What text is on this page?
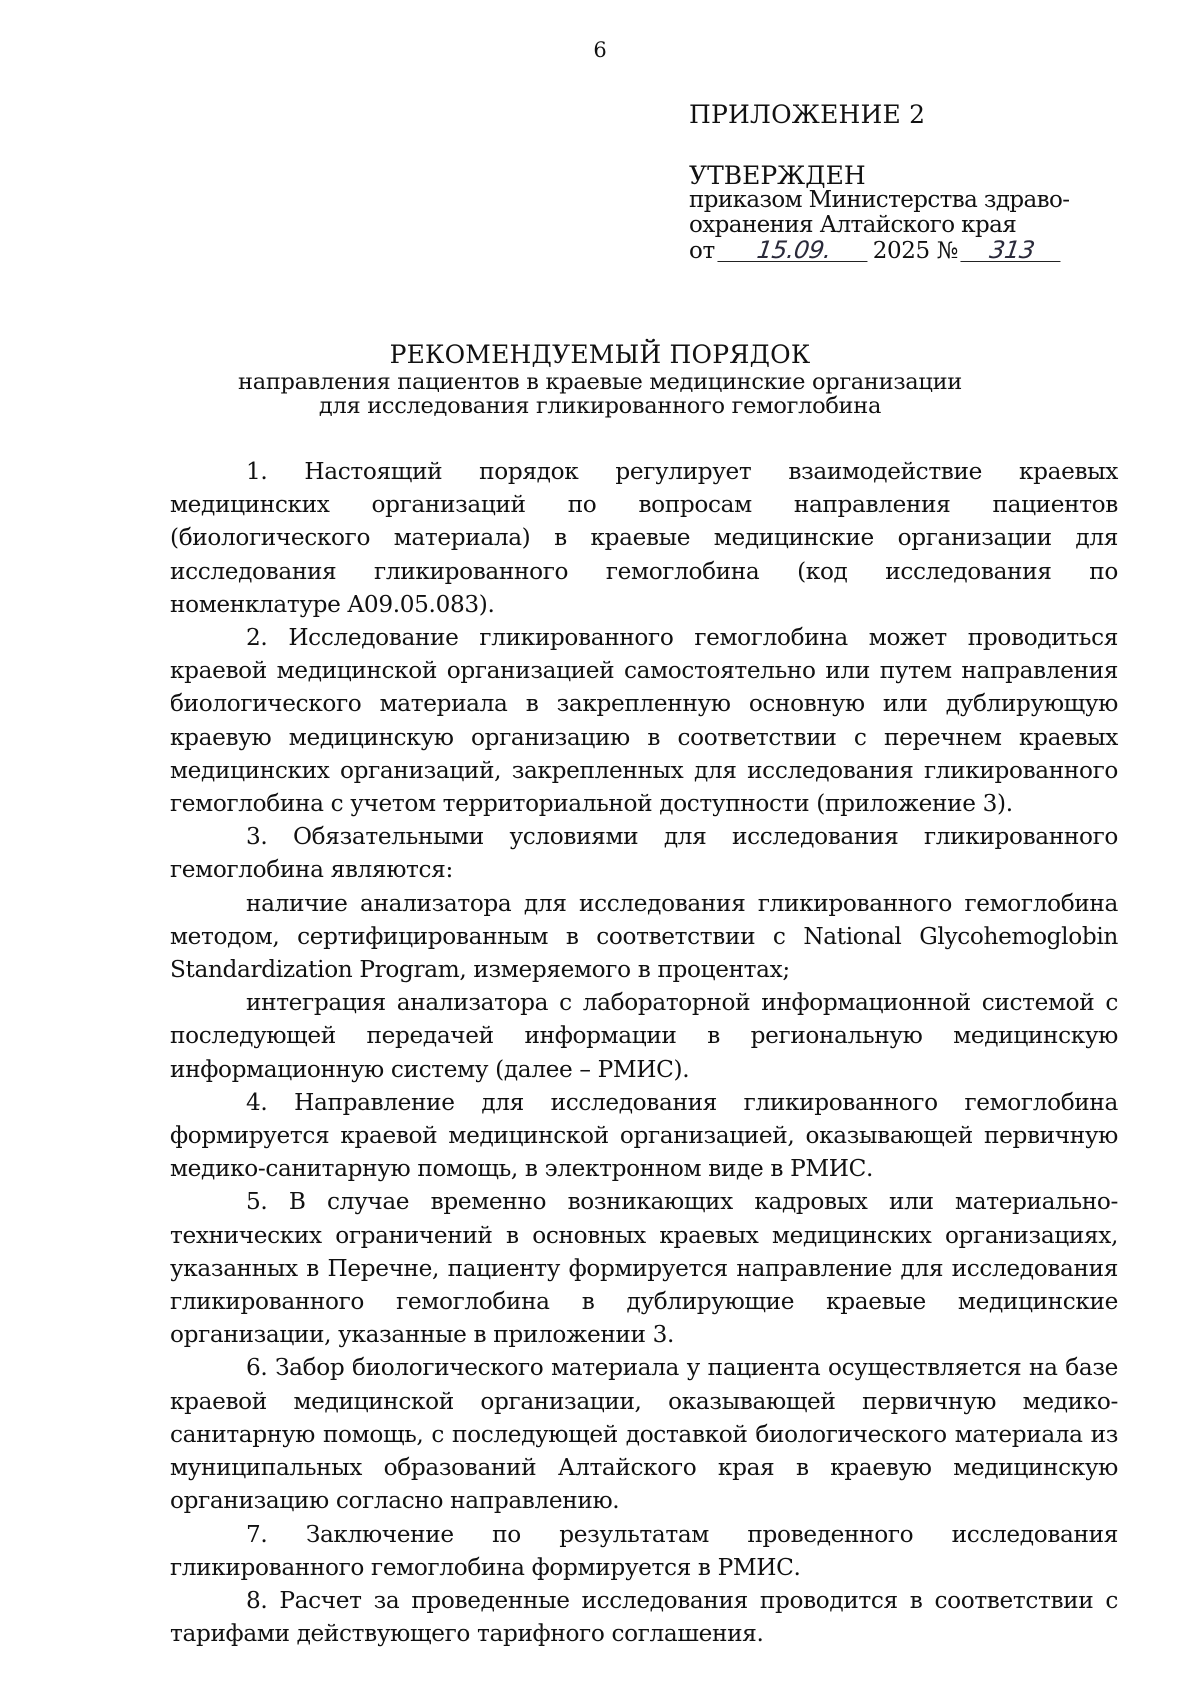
6
ПРИЛОЖЕНИЕ 2
УТВЕРЖДЕН
приказом Министерства здраво-
охранения Алтайского края
от 15.09. 2025 № 313
РЕКОМЕНДУЕМЫЙ ПОРЯДОК
направления пациентов в краевые медицинские организации
для исследования гликированного гемоглобина

1. Настоящий порядок регулирует взаимодействие краевых медицинских организаций по вопросам направления пациентов (биологического материала) в краевые медицинские организации для исследования гликированного гемоглобина (код исследования по номенклатуре A09.05.083).

2. Исследование гликированного гемоглобина может проводиться краевой медицинской организацией самостоятельно или путем направления биологического материала в закрепленную основную или дублирующую краевую медицинскую организацию в соответствии с перечнем краевых медицинских организаций, закрепленных для исследования гликированного гемоглобина с учетом территориальной доступности (приложение 3).

3. Обязательными условиями для исследования гликированного гемоглобина являются:

наличие анализатора для исследования гликированного гемоглобина методом, сертифицированным в соответствии с National Glycohemoglobin Standardization Program, измеряемого в процентах;

интеграция анализатора с лабораторной информационной системой с последующей передачей информации в региональную медицинскую информационную систему (далее – РМИС).

4. Направление для исследования гликированного гемоглобина формируется краевой медицинской организацией, оказывающей первичную медико-санитарную помощь, в электронном виде в РМИС.

5. В случае временно возникающих кадровых или материально-технических ограничений в основных краевых медицинских организациях, указанных в Перечне, пациенту формируется направление для исследования гликированного гемоглобина в дублирующие краевые медицинские организации, указанные в приложении 3.

6. Забор биологического материала у пациента осуществляется на базе краевой медицинской организации, оказывающей первичную медико-санитарную помощь, с последующей доставкой биологического материала из муниципальных образований Алтайского края в краевую медицинскую организацию согласно направлению.

7. Заключение по результатам проведенного исследования гликированного гемоглобина формируется в РМИС.

8. Расчет за проведенные исследования проводится в соответствии с тарифами действующего тарифного соглашения.
